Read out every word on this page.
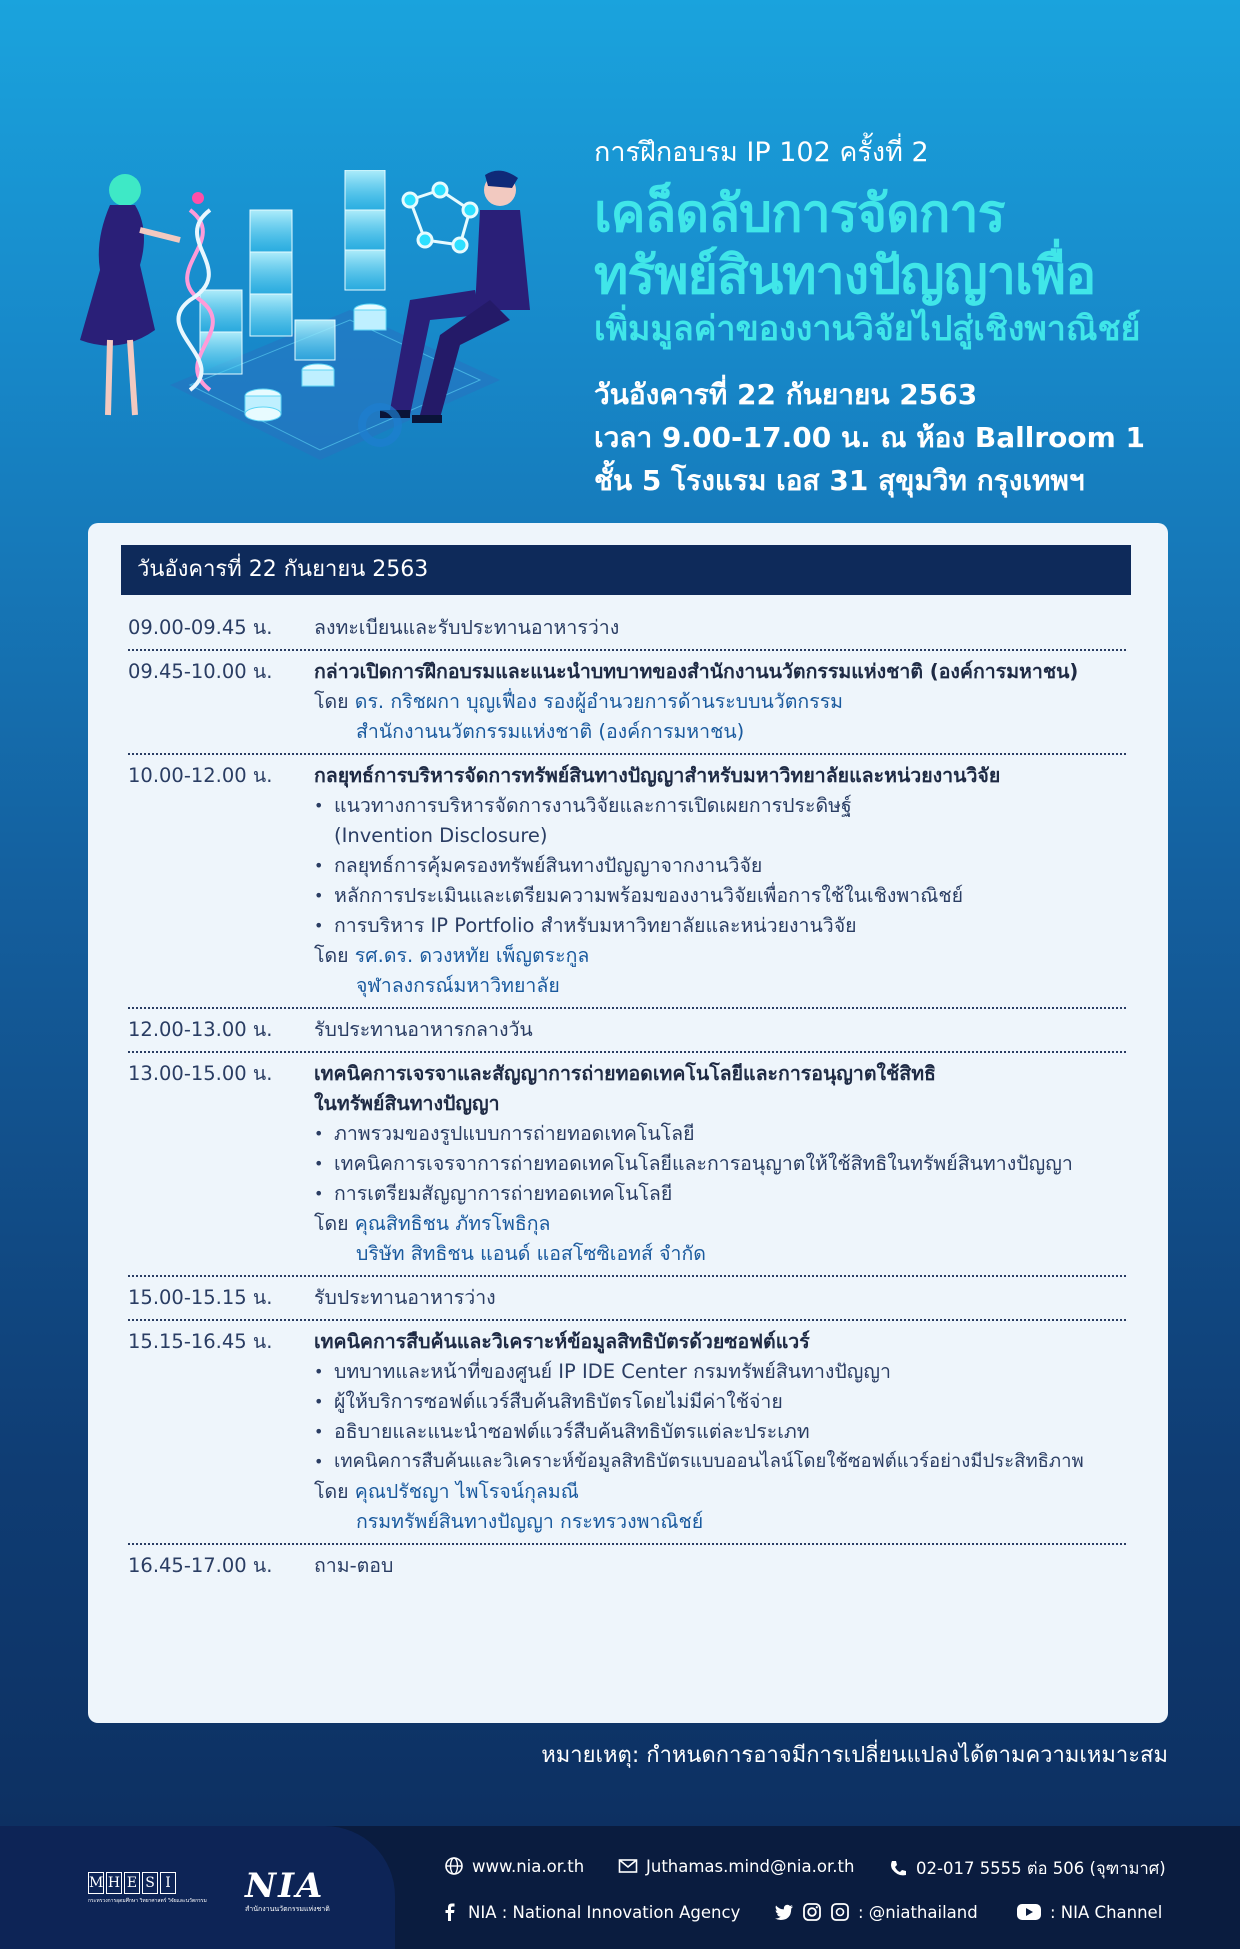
การฝึกอบรม IP 102 ครั้งที่ 2
เคล็ดลับการจัดการ
ทรัพย์สินทางปัญญาเพื่อ
เพิ่มมูลค่าของงานวิจัยไปสู่เชิงพาณิชย์
วันอังคารที่ 22 กันยายน 2563
เวลา 9.00-17.00 น. ณ ห้อง Ballroom 1
ชั้น 5 โรงแรม เอส 31 สุขุมวิท กรุงเทพฯ
วันอังคารที่ 22 กันยายน 2563
09.00-09.45 น.	ลงทะเบียนและรับประทานอาหารว่าง
09.45-10.00 น.	กล่าวเปิดการฝึกอบรมและแนะนำบทบาทของสำนักงานนวัตกรรมแห่งชาติ (องค์การมหาชน)
โดย ดร. กริชผกา บุญเฟื่อง รองผู้อำนวยการด้านระบบนวัตกรรม
สำนักงานนวัตกรรมแห่งชาติ (องค์การมหาชน)
10.00-12.00 น.	กลยุทธ์การบริหารจัดการทรัพย์สินทางปัญญาสำหรับมหาวิทยาลัยและหน่วยงานวิจัย
• แนวทางการบริหารจัดการงานวิจัยและการเปิดเผยการประดิษฐ์
(Invention Disclosure)
• กลยุทธ์การคุ้มครองทรัพย์สินทางปัญญาจากงานวิจัย
• หลักการประเมินและเตรียมความพร้อมของงานวิจัยเพื่อการใช้ในเชิงพาณิชย์
• การบริหาร IP Portfolio สำหรับมหาวิทยาลัยและหน่วยงานวิจัย
โดย รศ.ดร. ดวงหทัย เพ็ญตระกูล
จุฬาลงกรณ์มหาวิทยาลัย
12.00-13.00 น.	รับประทานอาหารกลางวัน
13.00-15.00 น.	เทคนิคการเจรจาและสัญญาการถ่ายทอดเทคโนโลยีและการอนุญาตใช้สิทธิ
ในทรัพย์สินทางปัญญา
• ภาพรวมของรูปแบบการถ่ายทอดเทคโนโลยี
• เทคนิคการเจรจาการถ่ายทอดเทคโนโลยีและการอนุญาตให้ใช้สิทธิในทรัพย์สินทางปัญญา
• การเตรียมสัญญาการถ่ายทอดเทคโนโลยี
โดย คุณสิทธิชน ภัทรโพธิกุล
บริษัท สิทธิชน แอนด์ แอสโซซิเอทส์ จำกัด
15.00-15.15 น.	รับประทานอาหารว่าง
15.15-16.45 น.	เทคนิคการสืบค้นและวิเคราะห์ข้อมูลสิทธิบัตรด้วยซอฟต์แวร์
• บทบาทและหน้าที่ของศูนย์ IP IDE Center กรมทรัพย์สินทางปัญญา
• ผู้ให้บริการซอฟต์แวร์สืบค้นสิทธิบัตรโดยไม่มีค่าใช้จ่าย
• อธิบายและแนะนำซอฟต์แวร์สืบค้นสิทธิบัตรแต่ละประเภท
• เทคนิคการสืบค้นและวิเคราะห์ข้อมูลสิทธิบัตรแบบออนไลน์โดยใช้ซอฟต์แวร์อย่างมีประสิทธิภาพ
โดย คุณปรัชญา ไพโรจน์กุลมณี
กรมทรัพย์สินทางปัญญา กระทรวงพาณิชย์
16.45-17.00 น.	ถาม-ตอบ
หมายเหตุ: กำหนดการอาจมีการเปลี่ยนแปลงได้ตามความเหมาะสม
M H E S I
กระทรวงการอุดมศึกษา วิทยาศาสตร์ วิจัยและนวัตกรรม NIA
สำนักงานนวัตกรรมแห่งชาติ
www.nia.or.th	Juthamas.mind@nia.or.th	02-017 5555 ต่อ 506 (จุฑามาศ)
NIA : National Innovation Agency	: @niathailand	: NIA Channel
